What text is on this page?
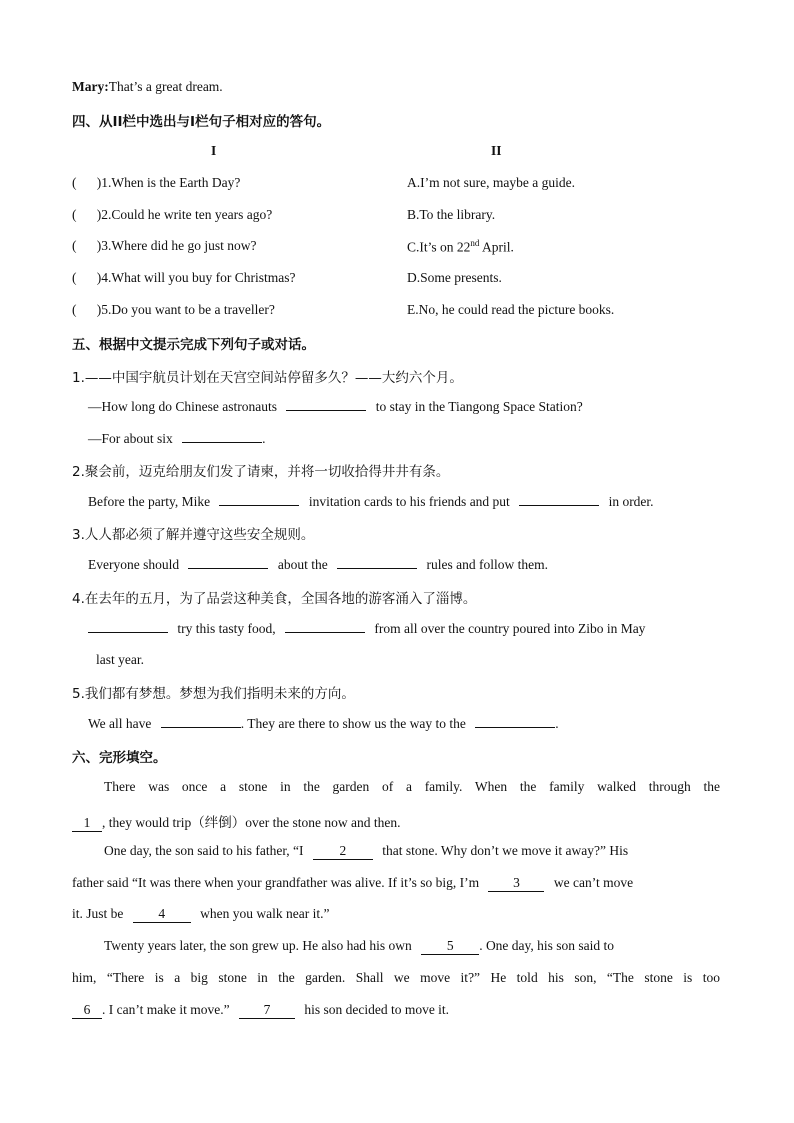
Mary:That’s a great dream.
四、从II栏中选出与I栏句子相对应的答句。
I	II
(      )1.When is the Earth Day?	A.I’m not sure, maybe a guide.
(      )2.Could he write ten years ago?	B.To the library.
(      )3.Where did he go just now?	C.It’s on 22nd April.
(      )4.What will you buy for Christmas?	D.Some presents.
(      )5.Do you want to be a traveller?	E.No, he could read the picture books.
五、根据中文提示完成下列句子或对话。
1.——中国宇航员计划在天宫空间站停留多久？——大约六个月。
—How long do Chinese astronauts	to stay in the Tiangong Space Station?
—For about six	.
2.聚会前，迈克给朋友们发了请柬，并将一切收拾得井井有条。
Before the party, Mike	invitation cards to his friends and put	in order.
3.人人都必须了解并遵守这些安全规则。
Everyone should	about the	rules and follow them.
4.在去年的五月，为了品尝这种美食，全国各地的游客涌入了淄博。
try this tasty food,	from all over the country poured into Zibo in May
last year.
5.我们都有梦想。梦想为我们指明未来的方向。
We all have	. They are there to show us the way to the	.
六、完形填空。
There was once a stone in the garden of a family. When the family walked through the
1 , they would trip（绊倒）over the stone now and then.
One day, the son said to his father, “I	2	that stone. Why don’t we move it away?” His
father said “It was there when your grandfather was alive. If it’s so big, I’m	3	we can’t move
it. Just be	4	when you walk near it.”
Twenty years later, the son grew up. He also had his own	5 . One day, his son said to
him, “There is a big stone in the garden. Shall we move it?” He told his son, “The stone is too
6 . I can’t make it move.”	7	his son decided to move it.
